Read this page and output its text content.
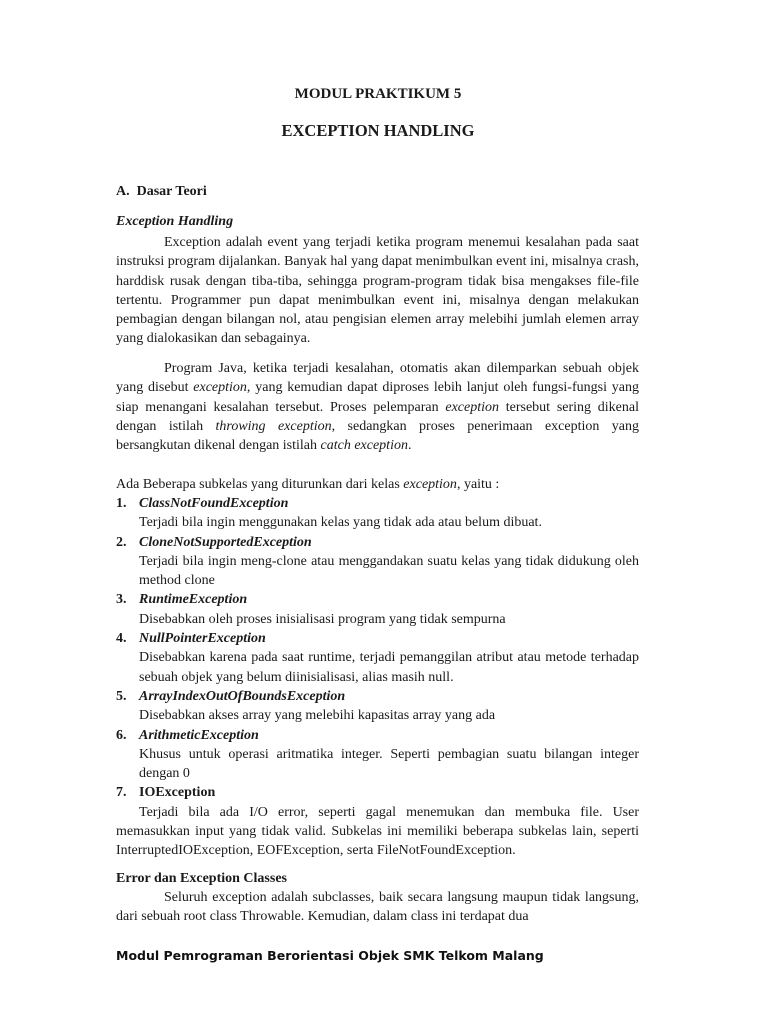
MODUL PRAKTIKUM 5
EXCEPTION HANDLING
A. Dasar Teori
Exception Handling
Exception adalah event yang terjadi ketika program menemui kesalahan pada saat instruksi program dijalankan. Banyak hal yang dapat menimbulkan event ini, misalnya crash, harddisk rusak dengan tiba-tiba, sehingga program-program tidak bisa mengakses file-file tertentu. Programmer pun dapat menimbulkan event ini, misalnya dengan melakukan pembagian dengan bilangan nol, atau pengisian elemen array melebihi jumlah elemen array yang dialokasikan dan sebagainya.
Program Java, ketika terjadi kesalahan, otomatis akan dilemparkan sebuah objek yang disebut exception, yang kemudian dapat diproses lebih lanjut oleh fungsi-fungsi yang siap menangani kesalahan tersebut. Proses pelemparan exception tersebut sering dikenal dengan istilah throwing exception, sedangkan proses penerimaan exception yang bersangkutan dikenal dengan istilah catch exception.
Ada Beberapa subkelas yang diturunkan dari kelas exception, yaitu :
1. ClassNotFoundException
Terjadi bila ingin menggunakan kelas yang tidak ada atau belum dibuat.
2. CloneNotSupportedException
Terjadi bila ingin meng-clone atau menggandakan suatu kelas yang tidak didukung oleh method clone
3. RuntimeException
Disebabkan oleh proses inisialisasi program yang tidak sempurna
4. NullPointerException
Disebabkan karena pada saat runtime, terjadi pemanggilan atribut atau metode terhadap sebuah objek yang belum diinisialisasi, alias masih null.
5. ArrayIndexOutOfBoundsException
Disebabkan akses array yang melebihi kapasitas array yang ada
6. ArithmeticException
Khusus untuk operasi aritmatika integer. Seperti pembagian suatu bilangan integer dengan 0
7. IOException
Terjadi bila ada I/O error, seperti gagal menemukan dan membuka file. User memasukkan input yang tidak valid. Subkelas ini memiliki beberapa subkelas lain, seperti InterruptedIOException, EOFException, serta FileNotFoundException.
Error dan Exception Classes
Seluruh exception adalah subclasses, baik secara langsung maupun tidak langsung, dari sebuah root class Throwable. Kemudian, dalam class ini terdapat dua
Modul Pemrograman Berorientasi Objek SMK Telkom Malang
